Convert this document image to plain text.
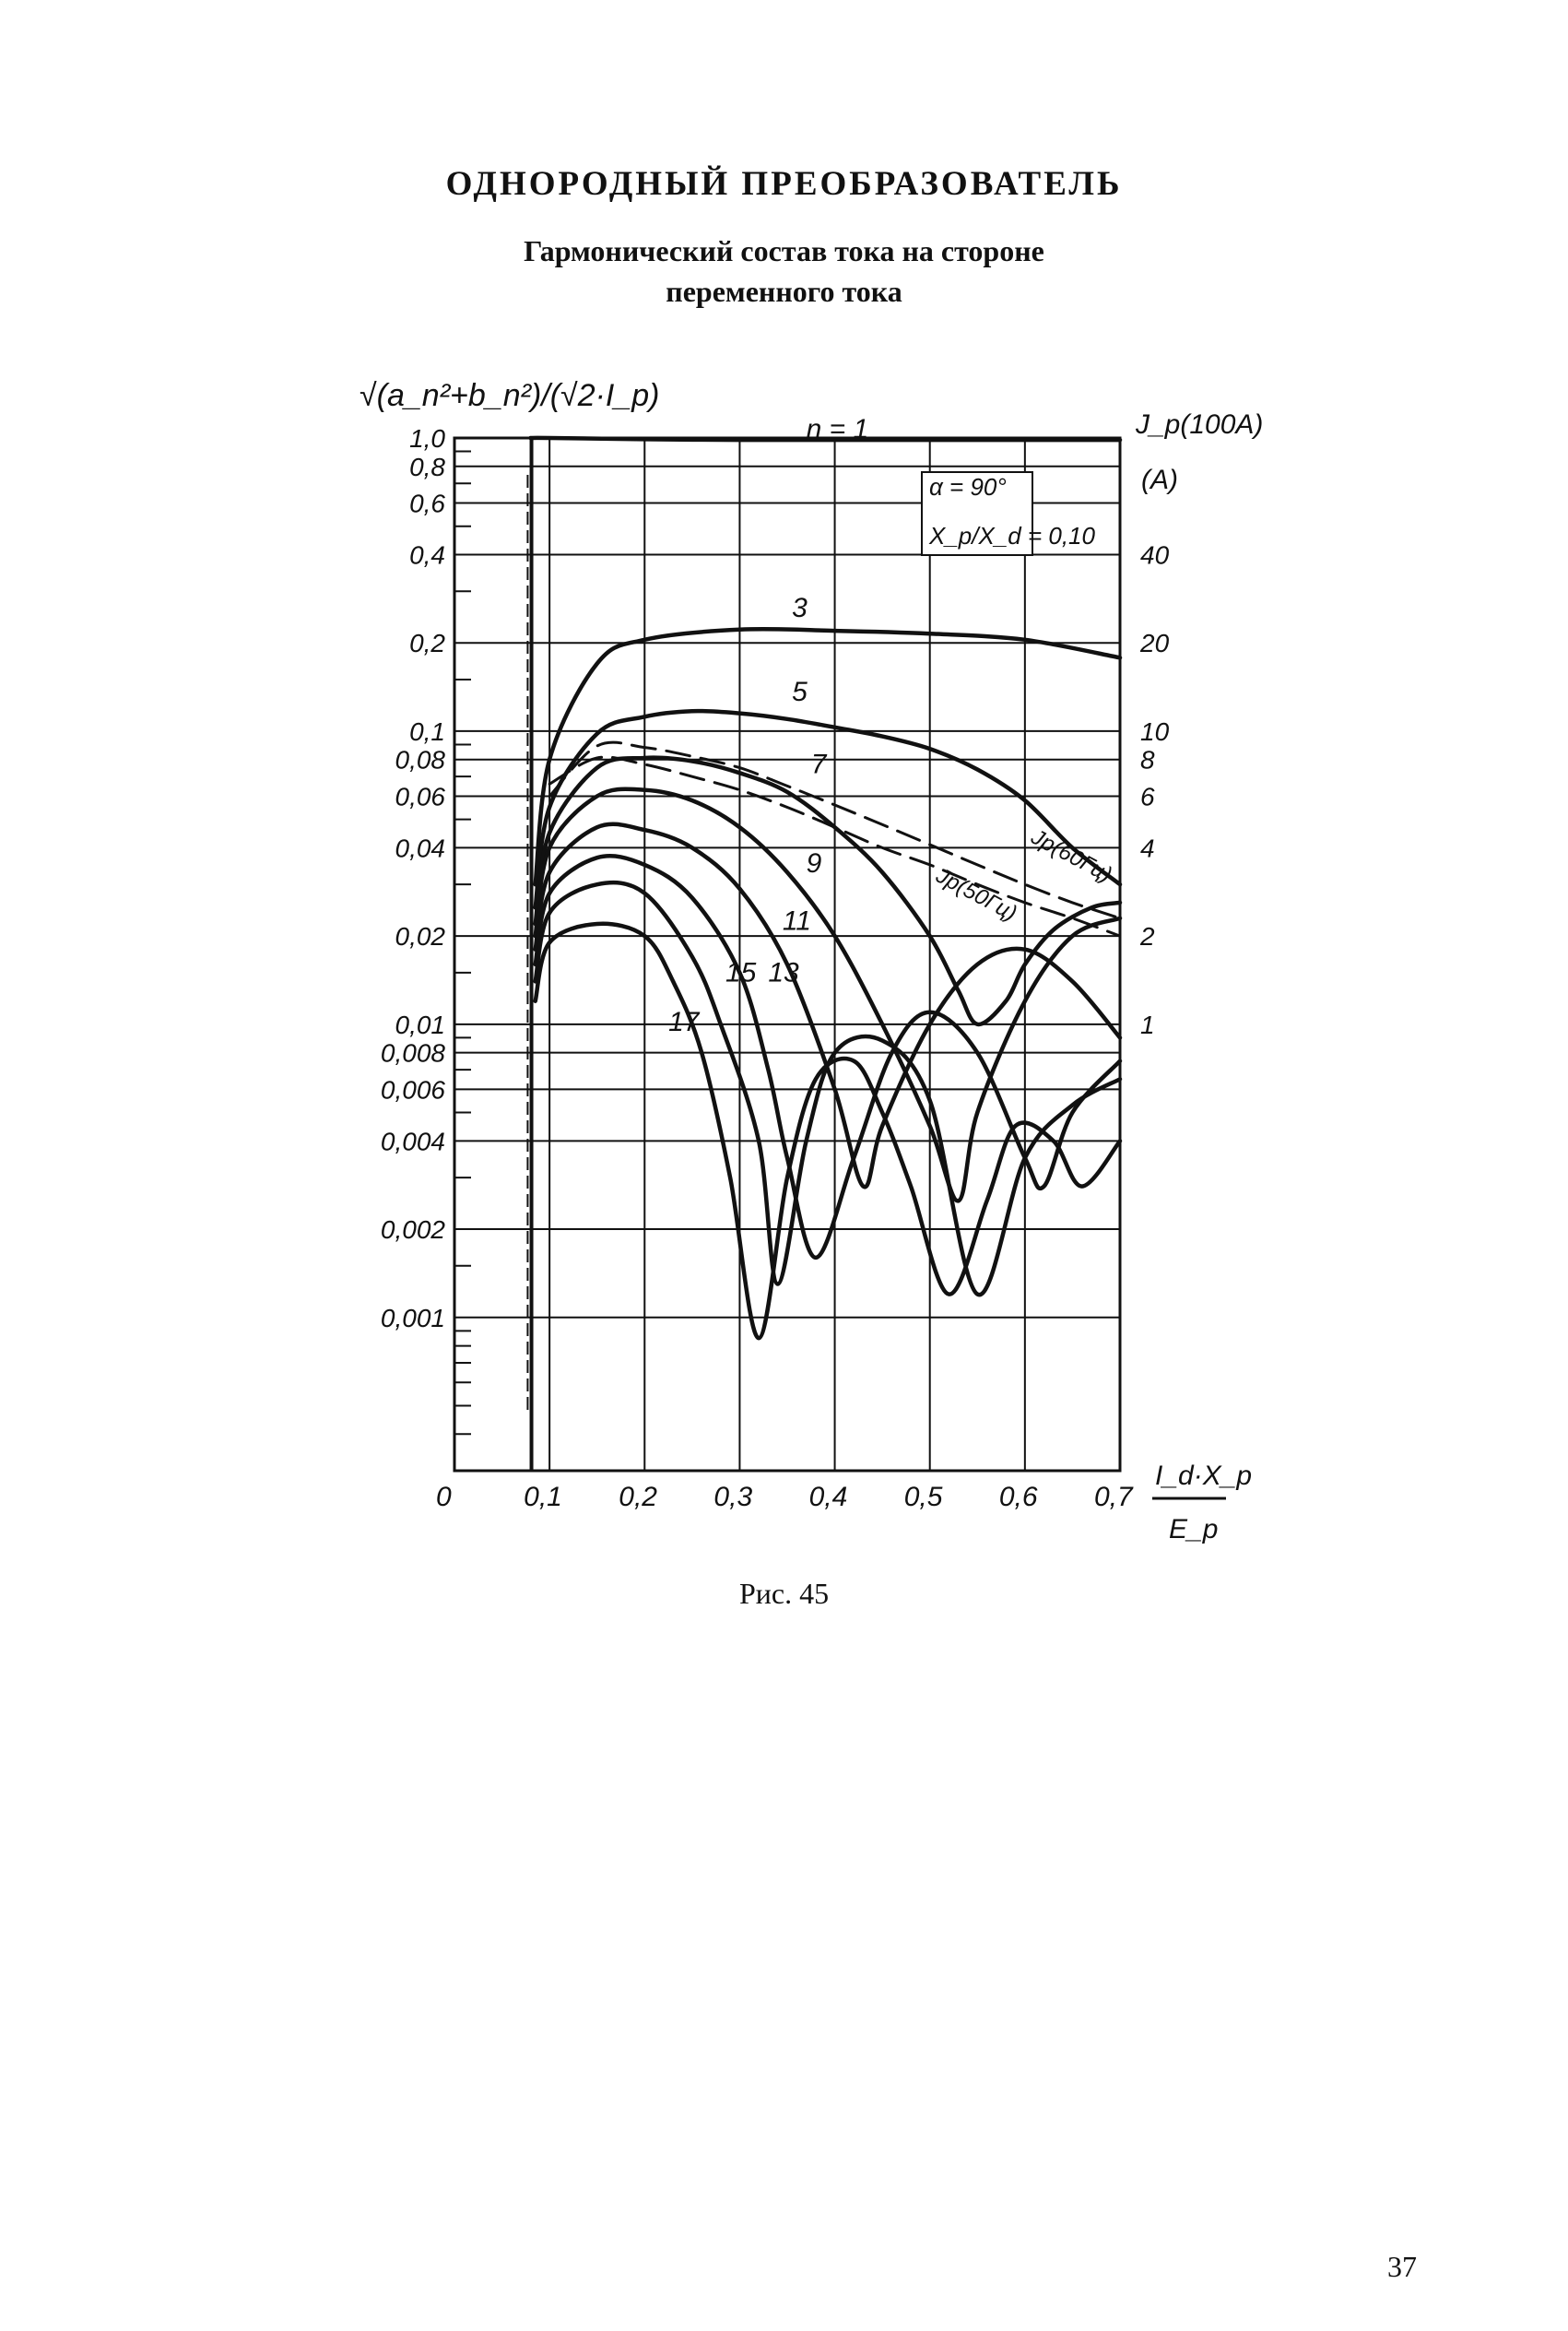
ОДНОРОДНЫЙ ПРЕОБРАЗОВАТЕЛЬ
Гармонический состав тока на стороне
переменного тока
0	0,1 0,2 0,3 0,4 0,5 0,6 0,7
1,0
0,8
0,6
0,4
0,2
0,1
0,08
0,06
0,04
0,02
0,01
0,008
0,006
0,004
0,002
0,001
40
20
10
8
6
4
2
1
n = 1
3
5
7
9
11
13
15
17
Jp(50Гц)
Jp(60Гц)
√(a_n²+b_n²)/(√2·I_p)
J_p(100A)
(A)
I_d·X_p
E_p
α = 90°
X_p/X_d = 0,10
Рис. 45
37
